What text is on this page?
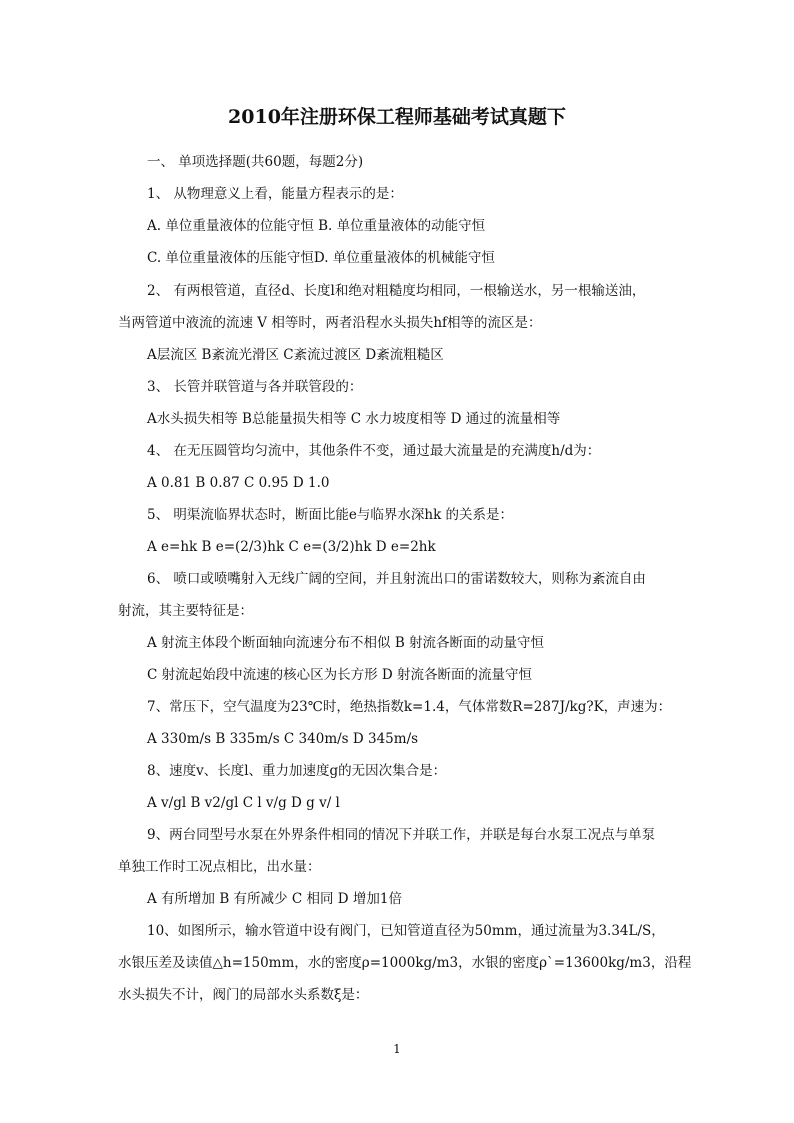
2010年注册环保工程师基础考试真题下
一、 单项选择题(共60题，每题2分)
1、 从物理意义上看，能量方程表示的是：
A. 单位重量液体的位能守恒 B. 单位重量液体的动能守恒
C. 单位重量液体的压能守恒D. 单位重量液体的机械能守恒
2、 有两根管道，直径d、长度l和绝对粗糙度均相同，一根输送水，另一根输送油，
当两管道中液流的流速 V 相等时，两者沿程水头损失hf相等的流区是：
A层流区 B紊流光滑区 C紊流过渡区 D紊流粗糙区
3、 长管并联管道与各并联管段的：
A水头损失相等 B总能量损失相等 C 水力坡度相等 D 通过的流量相等
4、 在无压圆管均匀流中，其他条件不变，通过最大流量是的充满度h/d为：
A 0.81 B 0.87 C 0.95 D 1.0
5、 明渠流临界状态时，断面比能e与临界水深hk 的关系是：
A e=hk B e=(2/3)hk C e=(3/2)hk D e=2hk
6、 喷口或喷嘴射入无线广阔的空间，并且射流出口的雷诺数较大，则称为紊流自由
射流，其主要特征是：
A 射流主体段个断面轴向流速分布不相似 B 射流各断面的动量守恒
C 射流起始段中流速的核心区为长方形 D 射流各断面的流量守恒
7、常压下，空气温度为23℃时，绝热指数k=1.4，气体常数R=287J/kg?K，声速为：
A 330m/s B 335m/s C 340m/s D 345m/s
8、速度v、长度l、重力加速度g的无因次集合是：
A v/gl B v2/gl C l v/g D g v/ l
9、两台同型号水泵在外界条件相同的情况下并联工作，并联是每台水泵工况点与单泵
单独工作时工况点相比，出水量：
A 有所增加 B 有所减少 C 相同 D 增加1倍
10、如图所示，输水管道中设有阀门，已知管道直径为50mm，通过流量为3.34L/S，
水银压差及读值△h=150mm，水的密度ρ=1000kg/m3，水银的密度ρ`=13600kg/m3，沿程
水头损失不计，阀门的局部水头系数ξ是：
1
